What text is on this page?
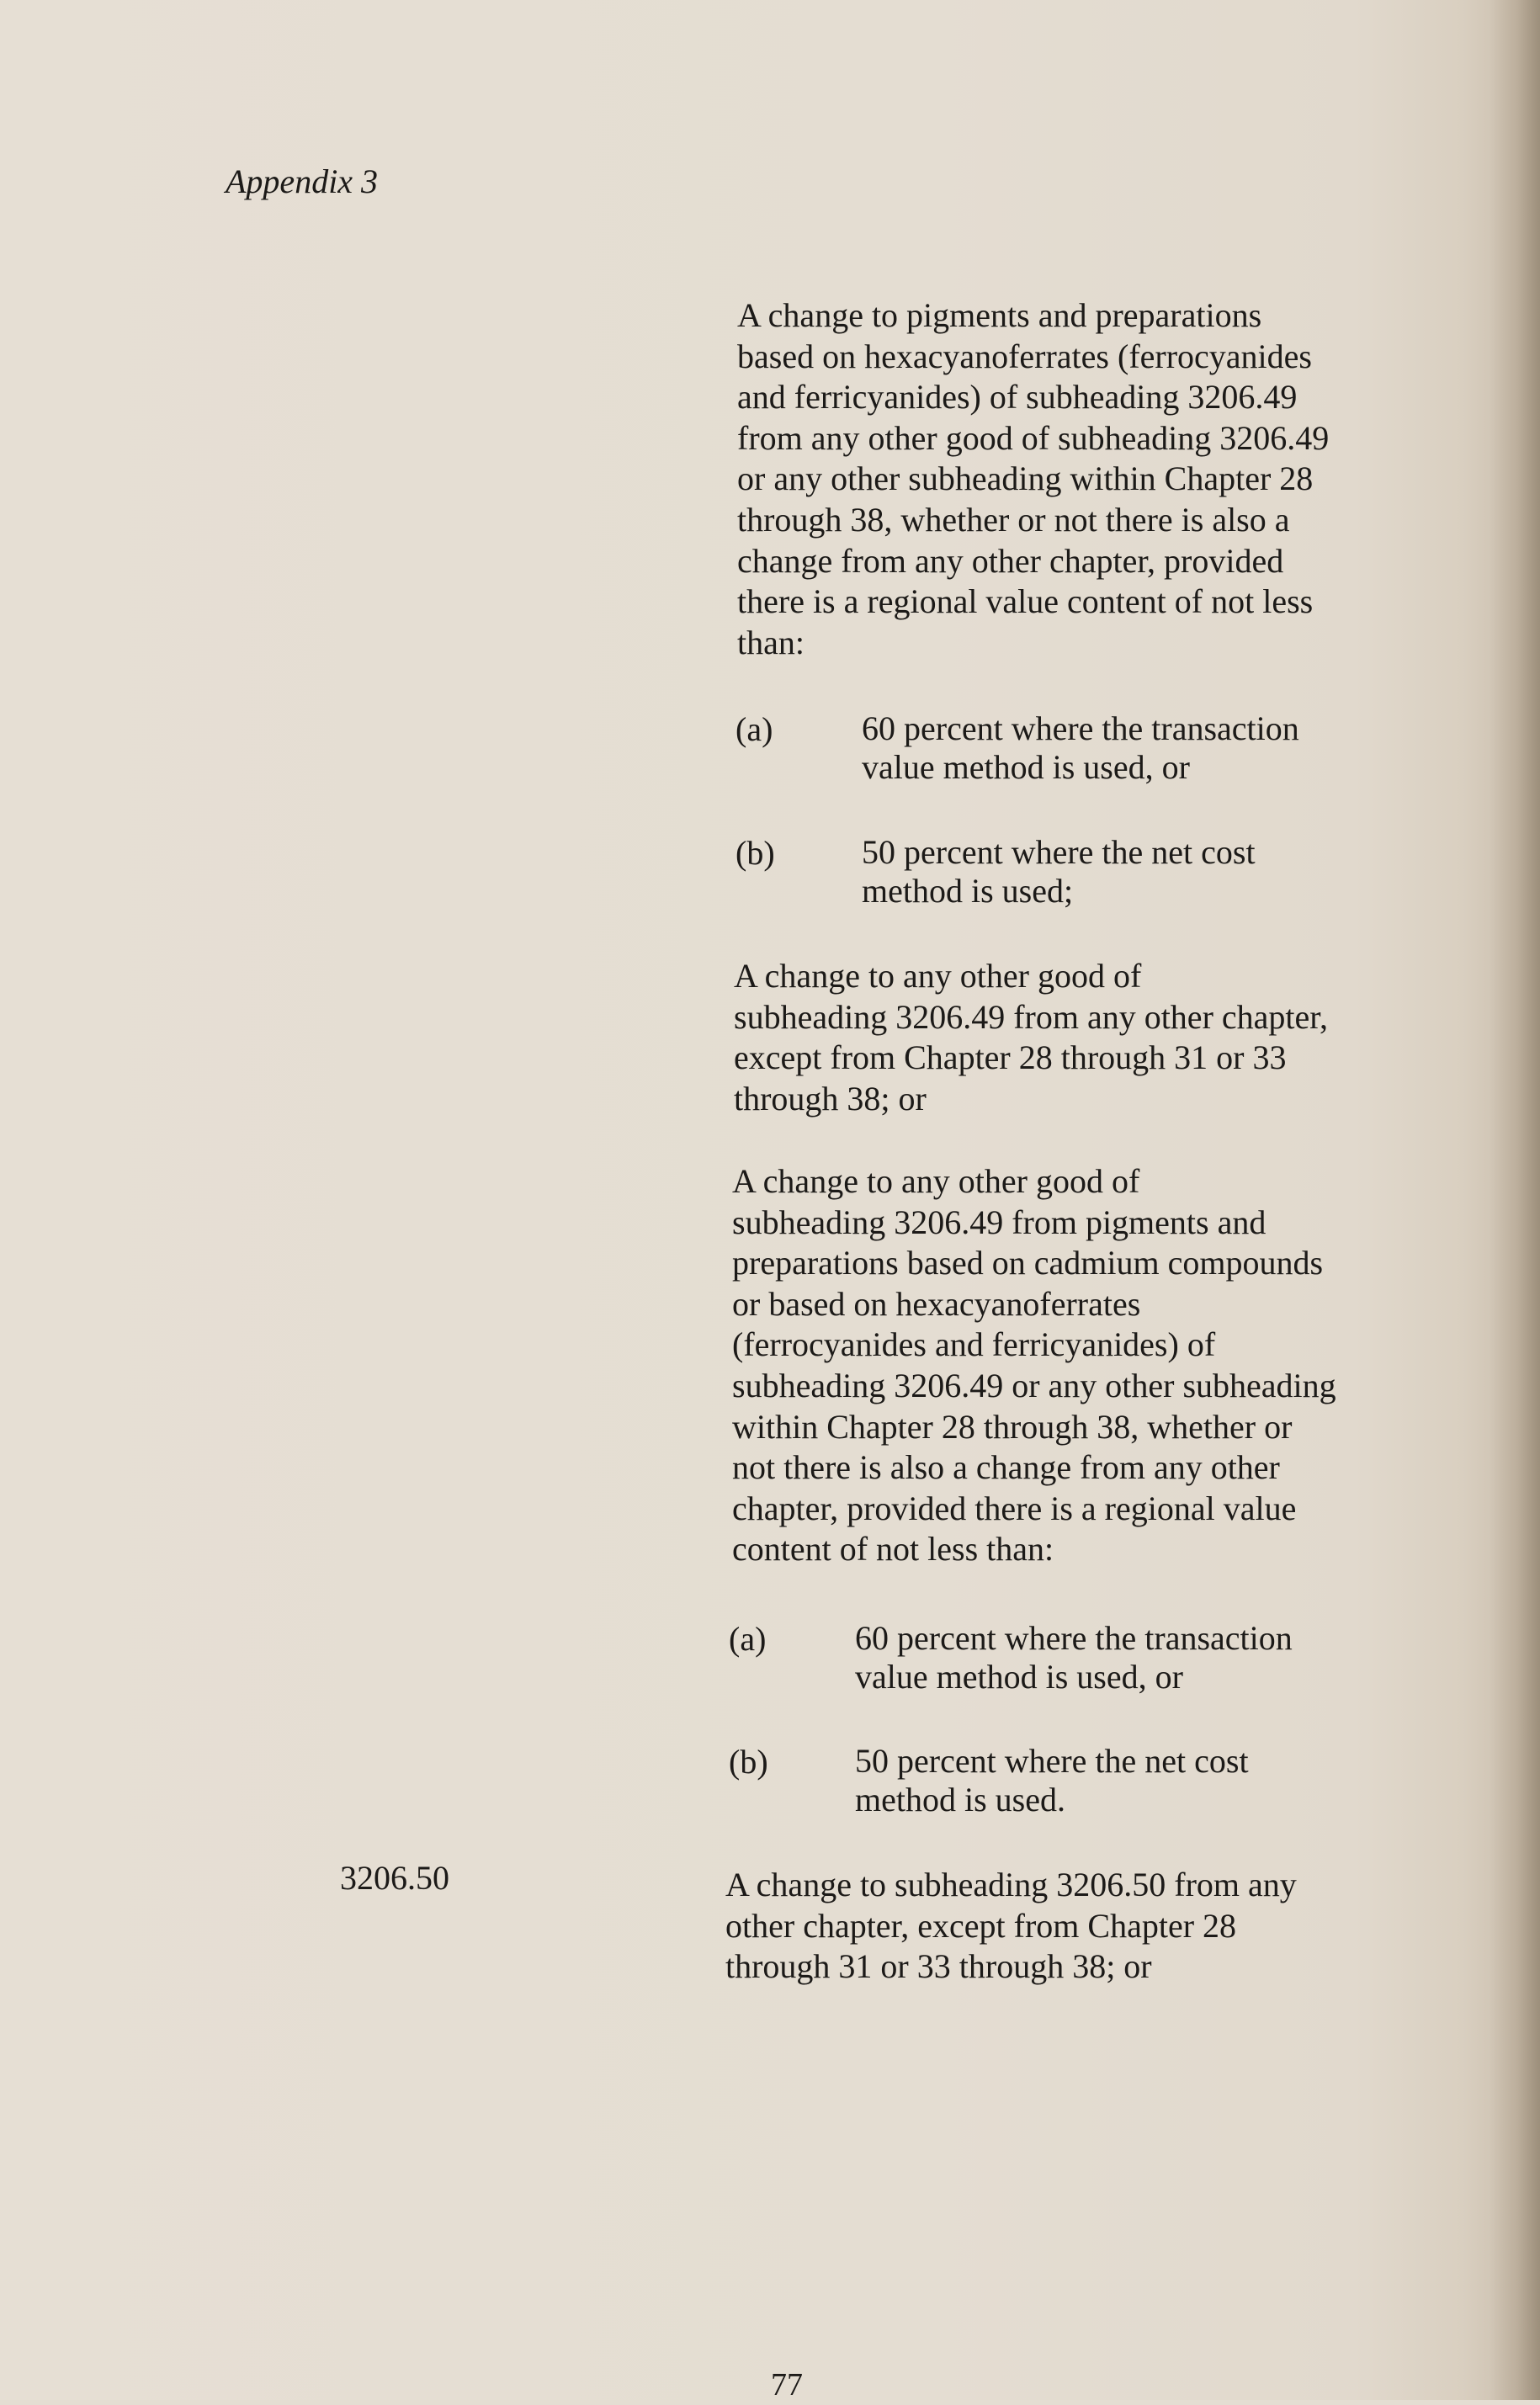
Appendix 3
A change to pigments and preparations
based on hexacyanoferrates (ferrocyanides
and ferricyanides) of subheading 3206.49
from any other good of subheading 3206.49
or any other subheading within Chapter 28
through 38, whether or not there is also a
change from any other chapter, provided
there is a regional value content of not less
than:
(a)	60 percent where the transaction
value method is used, or
(b)	50 percent where the net cost
method is used;
A change to any other good of
subheading 3206.49 from any other chapter,
except from Chapter 28 through 31 or 33
through 38; or
A change to any other good of
subheading 3206.49 from pigments and
preparations based on cadmium compounds
or based on hexacyanoferrates
(ferrocyanides and ferricyanides) of
subheading 3206.49 or any other subheading
within Chapter 28 through 38, whether or
not there is also a change from any other
chapter, provided there is a regional value
content of not less than:
(a)	60 percent where the transaction
value method is used, or
(b)	50 percent where the net cost
method is used.
3206.50	A change to subheading 3206.50 from any
other chapter, except from Chapter 28
through 31 or 33 through 38; or
77
